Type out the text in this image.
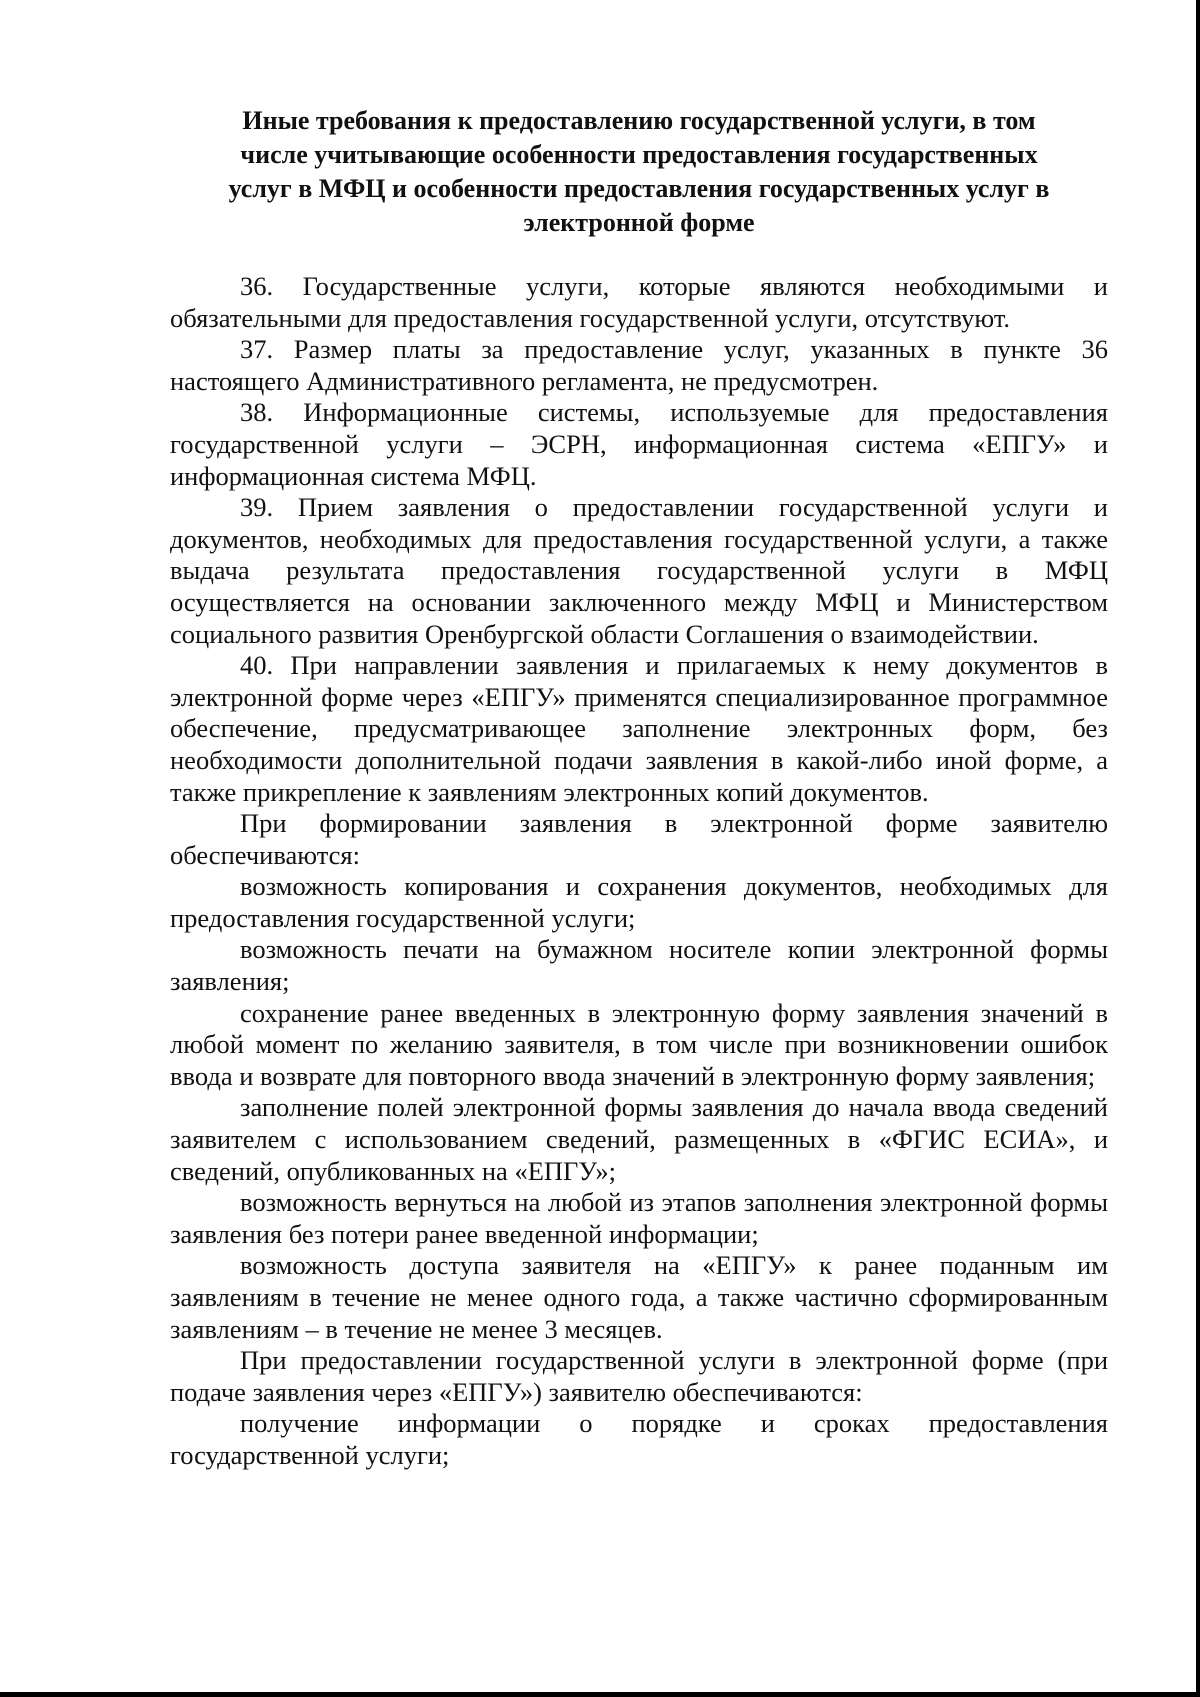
Иные требования к предоставлению государственной услуги, в том
числе учитывающие особенности предоставления государственных
услуг в МФЦ и особенности предоставления государственных услуг в
электронной форме

36. Государственные услуги, которые являются необходимыми и обязательными для предоставления государственной услуги, отсутствуют.

37. Размер платы за предоставление услуг, указанных в пункте 36 настоящего Административного регламента, не предусмотрен.

38. Информационные системы, используемые для предоставления государственной услуги – ЭСРН, информационная система «ЕПГУ» и информационная система МФЦ.

39. Прием заявления о предоставлении государственной услуги и документов, необходимых для предоставления государственной услуги, а также выдача результата предоставления государственной услуги в МФЦ осуществляется на основании заключенного между МФЦ и Министерством социального развития Оренбургской области Соглашения о взаимодействии.

40. При направлении заявления и прилагаемых к нему документов в электронной форме через «ЕПГУ» применятся специализированное программное обеспечение, предусматривающее заполнение электронных форм, без необходимости дополнительной подачи заявления в какой-либо иной форме, а также прикрепление к заявлениям электронных копий документов.

При формировании заявления в электронной форме заявителю обеспечиваются:

возможность копирования и сохранения документов, необходимых для предоставления государственной услуги;

возможность печати на бумажном носителе копии электронной формы заявления;

сохранение ранее введенных в электронную форму заявления значений в любой момент по желанию заявителя, в том числе при возникновении ошибок ввода и возврате для повторного ввода значений в электронную форму заявления;

заполнение полей электронной формы заявления до начала ввода сведений заявителем с использованием сведений, размещенных в «ФГИС ЕСИА», и сведений, опубликованных на «ЕПГУ»;

возможность вернуться на любой из этапов заполнения электронной формы заявления без потери ранее введенной информации;

возможность доступа заявителя на «ЕПГУ» к ранее поданным им заявлениям в течение не менее одного года, а также частично сформированным заявлениям – в течение не менее 3 месяцев.

При предоставлении государственной услуги в электронной форме (при подаче заявления через «ЕПГУ») заявителю обеспечиваются:

получение информации о порядке и сроках предоставления государственной услуги;
